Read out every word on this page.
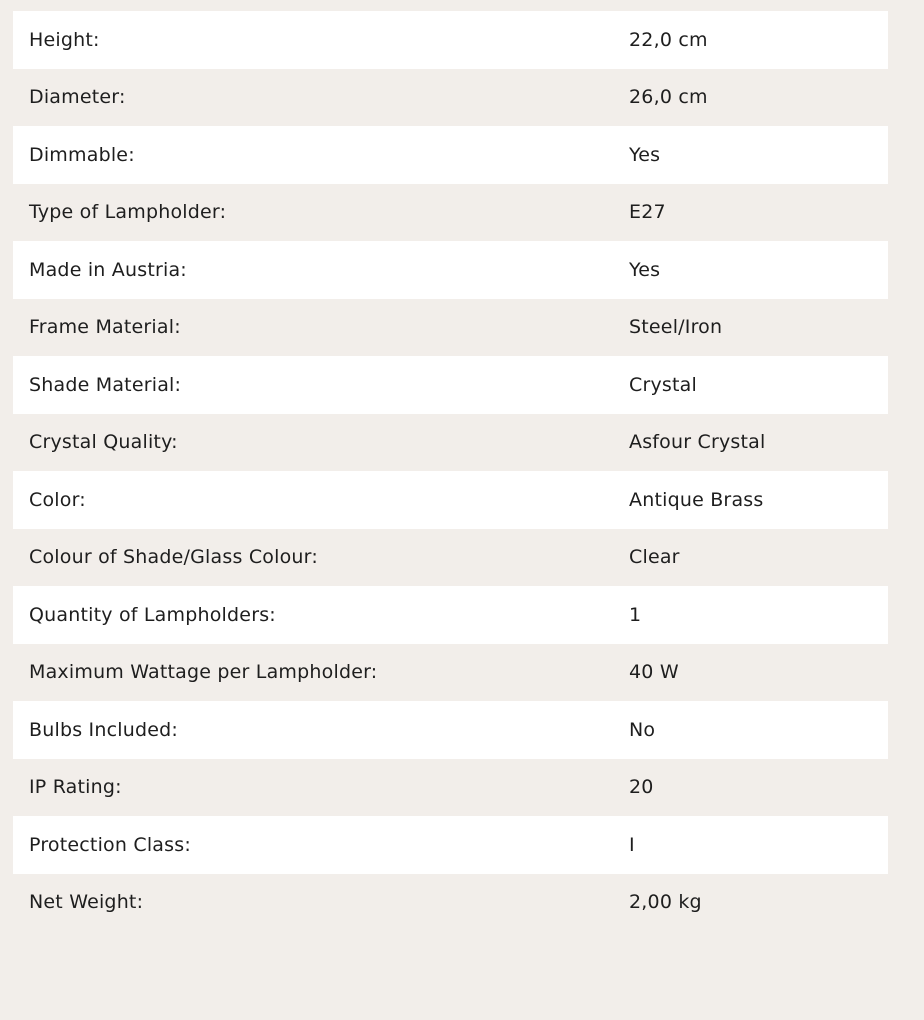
Height:	22,0 cm
Diameter:	26,0 cm
Dimmable:	Yes
Type of Lampholder:	E27
Made in Austria:	Yes
Frame Material:	Steel/Iron
Shade Material:	Crystal
Crystal Quality:	Asfour Crystal
Color:	Antique Brass
Colour of Shade/Glass Colour:	Clear
Quantity of Lampholders:	1
Maximum Wattage per Lampholder:	40 W
Bulbs Included:	No
IP Rating:	20
Protection Class:	I
Net Weight:	2,00 kg
